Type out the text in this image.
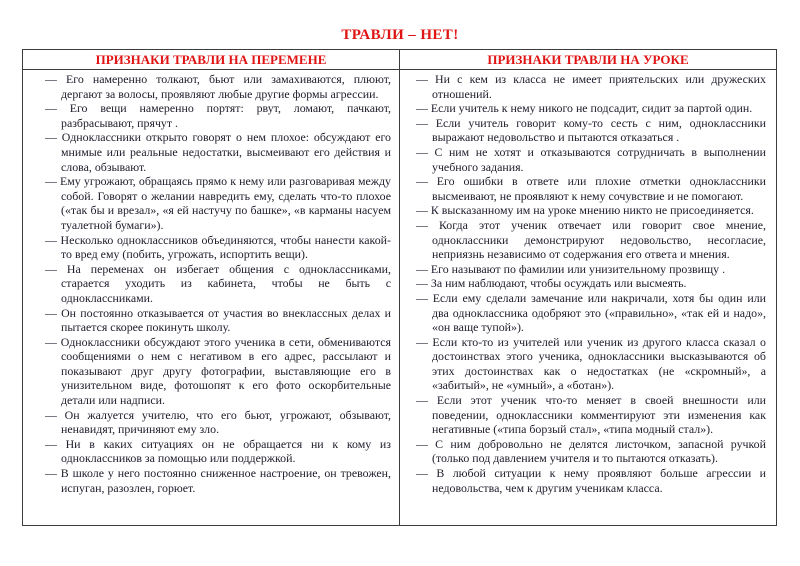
ТРАВЛИ – НЕТ!
ПРИЗНАКИ ТРАВЛИ НА ПЕРЕМЕНЕ
— Его намеренно толкают, бьют или замахиваются, плюют, дергают за волосы, проявляют любые другие формы агрессии.
— Его вещи намеренно портят: рвут, ломают, пачкают, разбрасывают, прячут .
— Одноклассники открыто говорят о нем плохое: обсуждают его мнимые или реальные недостатки, высмеивают его действия и слова, обзывают.
— Ему угрожают, обращаясь прямо к нему или разговаривая между собой. Говорят о желании навредить ему, сделать что-то плохое («так бы и врезал», «я ей настучу по башке», «в карманы насуем туалетной бумаги»).
— Несколько одноклассников объединяются, чтобы нанести какой- то вред ему (побить, угрожать, испортить вещи).
— На переменах он избегает общения с одноклассниками, старается уходить из кабинета, чтобы не быть с одноклассниками.
— Он постоянно отказывается от участия во внеклассных делах и пытается скорее покинуть школу.
— Одноклассники обсуждают этого ученика в сети, обмениваются сообщениями о нем с негативом в его адрес, рассылают и показывают друг другу фотографии, выставляющие его в унизительном виде, фотошопят к его фото оскорбительные детали или надписи.
— Он жалуется учителю, что его бьют, угрожают, обзывают, ненавидят, причиняют ему зло.
— Ни в каких ситуациях он не обращается ни к кому из одноклассников за помощью или поддержкой.
— В школе у него постоянно сниженное настроение, он тревожен, испуган, разозлен, горюет.
ПРИЗНАКИ ТРАВЛИ НА УРОКЕ
— Ни с кем из класса не имеет приятельских или дружеских отношений.
— Если учитель к нему никого не подсадит, сидит за партой один.
— Если учитель говорит кому-то сесть с ним, одноклассники выражают недовольство и пытаются отказаться .
— С ним не хотят и отказываются сотрудничать в выполнении учебного задания.
— Его ошибки в ответе или плохие отметки одноклассники высмеивают, не проявляют к нему сочувствие и не помогают.
— К высказанному им на уроке мнению никто не присоединяется.
— Когда этот ученик отвечает или говорит свое мнение, одноклассники демонстрируют недовольство, несогласие, неприязнь независимо от содержания его ответа и мнения.
— Его называют по фамилии или унизительному прозвищу .
— За ним наблюдают, чтобы осуждать или высмеять.
— Если ему сделали замечание или накричали, хотя бы один или два одноклассника одобряют это («правильно», «так ей и надо», «он ваще тупой»).
— Если кто-то из учителей или ученик из другого класса сказал о достоинствах этого ученика, одноклассники высказываются об этих достоинствах как о недостатках (не «скромный», а «забитый», не «умный», а «ботан»).
— Если этот ученик что-то меняет в своей внешности или поведении, одноклассники комментируют эти изменения как негативные («типа борзый стал», «типа модный стал»).
— С ним добровольно не делятся листочком, запасной ручкой (только под давлением учителя и то пытаются отказать).
— В любой ситуации к нему проявляют больше агрессии и недовольства, чем к другим ученикам класса.
